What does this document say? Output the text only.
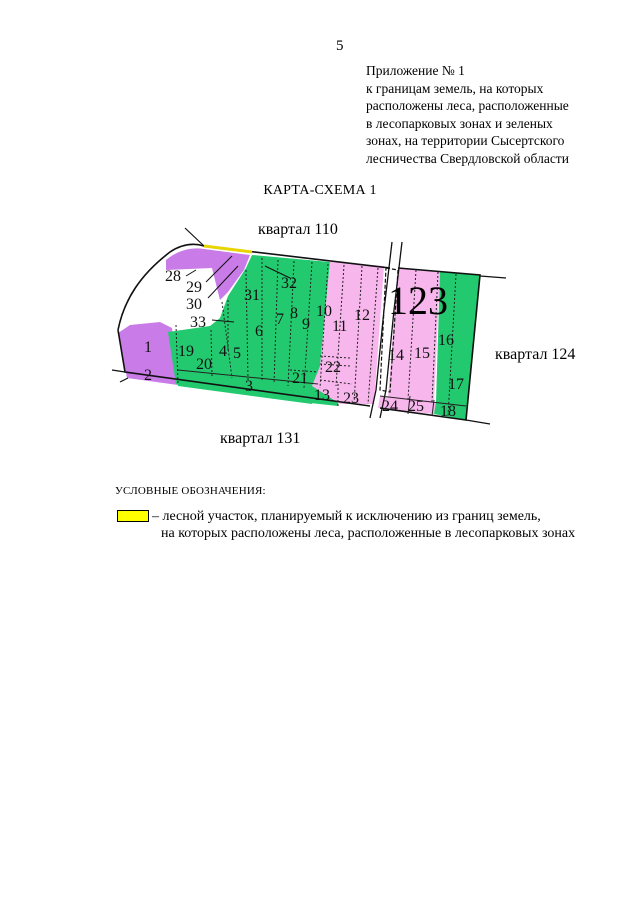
5
Приложение № 1
к границам земель, на которых
расположены леса, расположенные
в лесопарковых зонах и зеленых
зонах, на территории Сысертского
лесничества Свердловской области
КАРТА-СХЕМА 1
квартал 110
квартал 124
квартал 131
123
1
2
3
4 5
6
7 8
9
10
11
12
13
14 15
16
17
18
19
20
21
22
23 24 25
28
29
30
31
32
33
УСЛОВНЫЕ ОБОЗНАЧЕНИЯ:
– лесной участок, планируемый к исключению из границ земель,
на которых расположены леса, расположенные в лесопарковых зонах
